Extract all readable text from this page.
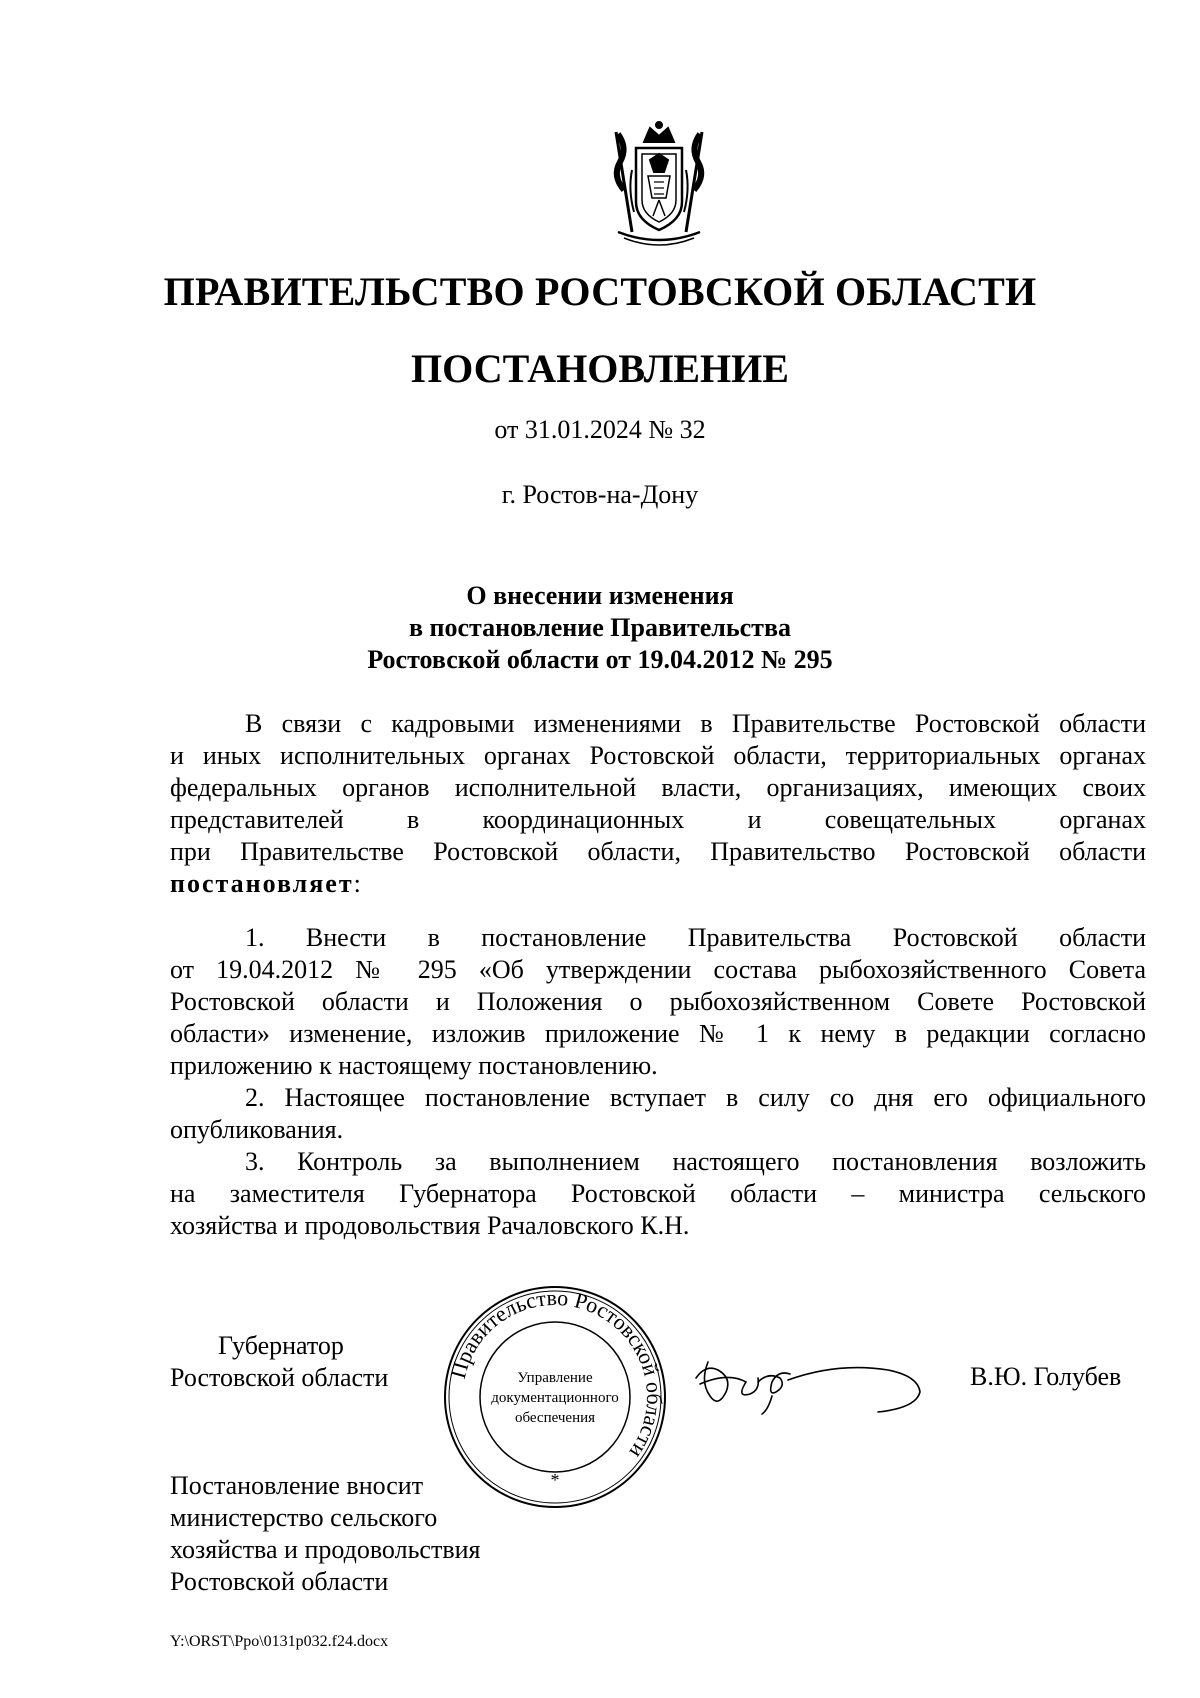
ПРАВИТЕЛЬСТВО РОСТОВСКОЙ ОБЛАСТИ
ПОСТАНОВЛЕНИЕ
от 31.01.2024 № 32
г. Ростов-на-Дону
О внесении изменения
в постановление Правительства
Ростовской области от 19.04.2012 № 295
В связи с кадровыми изменениями в Правительстве Ростовской области
и иных исполнительных органах Ростовской области, территориальных органах
федеральных органов исполнительной власти, организациях, имеющих своих
представителей в координационных и совещательных органах
при Правительстве Ростовской области, Правительство Ростовской области
постановляет:
1. Внести в постановление Правительства Ростовской области
от 19.04.2012 № 295 «Об утверждении состава рыбохозяйственного Совета
Ростовской области и Положения о рыбохозяйственном Совете Ростовской
области» изменение, изложив приложение № 1 к нему в редакции согласно
приложению к настоящему постановлению.
2. Настоящее постановление вступает в силу со дня его официального
опубликования.
3. Контроль за выполнением настоящего постановления возложить
на заместителя Губернатора Ростовской области – министра сельского
хозяйства и продовольствия Рачаловского К.Н.
Губернатор
Ростовской области	Правительство Ростовской области
Управление
документационного
обеспечения
*
В.Ю. Голубев
Постановление вносит
министерство сельского
хозяйства и продовольствия
Ростовской области
Y:\ORST\Ppo\0131p032.f24.docx
